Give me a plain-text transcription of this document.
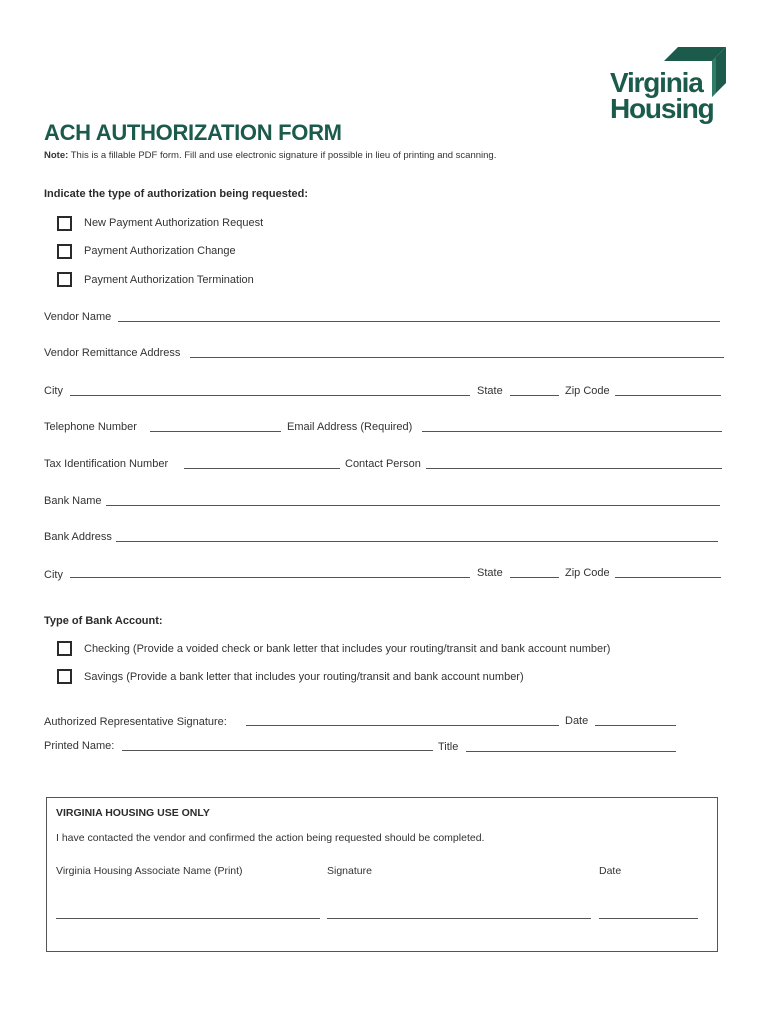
Virginia
Housing
ACH AUTHORIZATION FORM
Note: This is a fillable PDF form. Fill and use electronic signature if possible in lieu of printing and scanning.
Indicate the type of authorization being requested:
New Payment Authorization Request
Payment Authorization Change
Payment Authorization Termination
Vendor Name
Vendor Remittance Address
City	State	Zip Code
Telephone Number	Email Address (Required)
Tax Identification Number	Contact Person
Bank Name
Bank Address
City	State	Zip Code
Type of Bank Account:
Checking (Provide a voided check or bank letter that includes your routing/transit and bank account number)
Savings (Provide a bank letter that includes your routing/transit and bank account number)
Authorized Representative Signature:	Date
Printed Name:	Title
VIRGINIA HOUSING USE ONLY
I have contacted the vendor and confirmed the action being requested should be completed.
Virginia Housing Associate Name (Print)	Signature	Date
